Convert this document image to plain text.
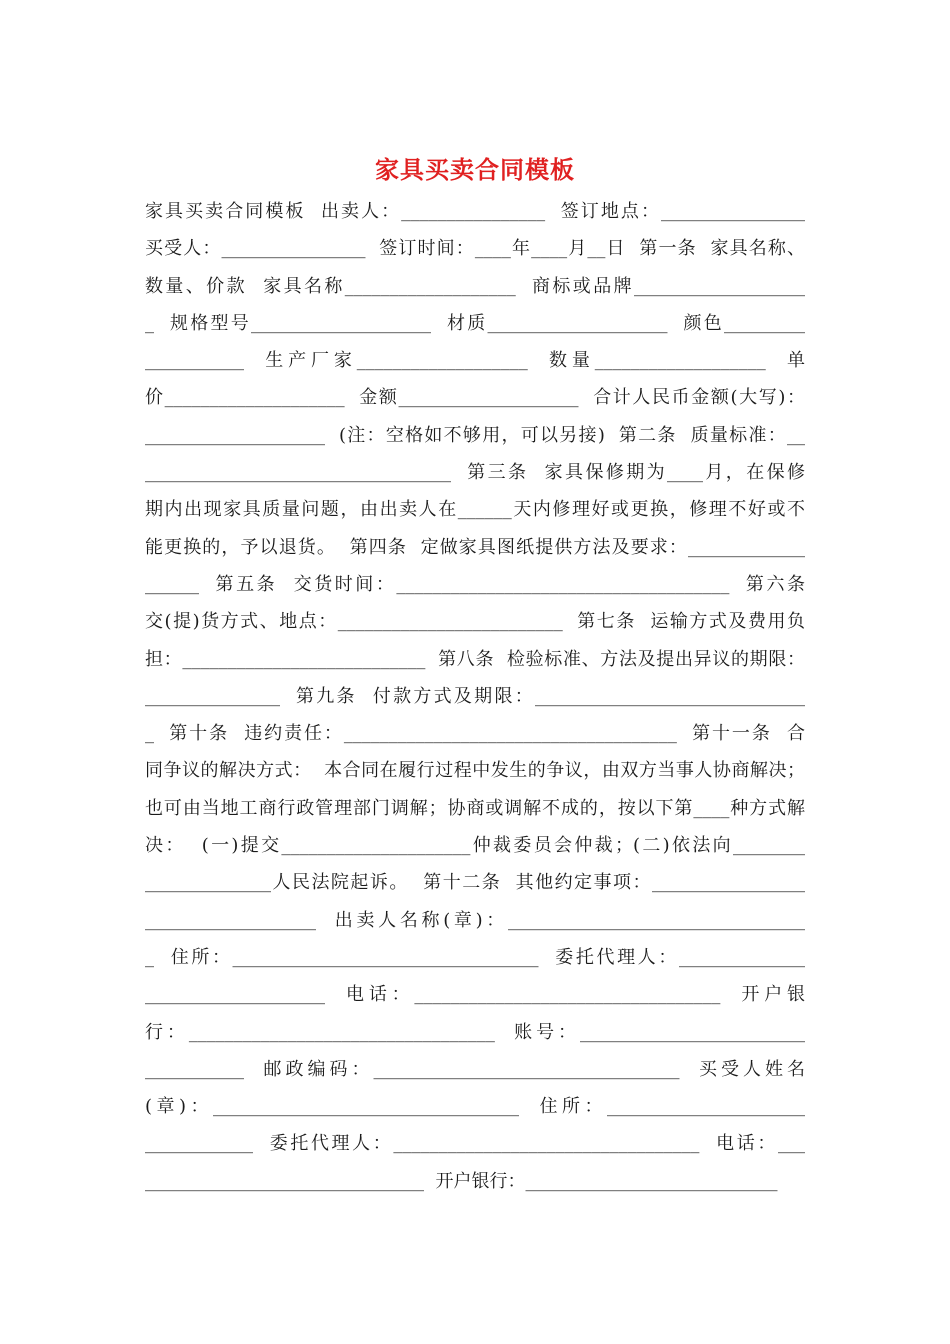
家具买卖合同模板
家具买卖合同模板  出卖人：________________  签订地点：________________
买受人：________________  签订时间：____年____月__日  第一条  家具名称、
数量、价款  家具名称___________________  商标或品牌___________________
_  规格型号____________________  材质____________________  颜色_________
___________  生产厂家___________________  数量___________________  单
价____________________  金额____________________  合计人民币金额(大写)：
____________________  (注：空格如不够用，可以另接)  第二条  质量标准：__
__________________________________  第三条  家具保修期为____月，在保修
期内出现家具质量问题，由出卖人在______天内修理好或更换，修理不好或不
能更换的，予以退货。  第四条  定做家具图纸提供方法及要求：_____________
______  第五条  交货时间：_____________________________________  第六条
交(提)货方式、地点：_________________________  第七条  运输方式及费用负
担：___________________________  第八条  检验标准、方法及提出异议的期限：
_______________  第九条  付款方式及期限：______________________________
_  第十条  违约责任：_____________________________________  第十一条  合
同争议的解决方式：  本合同在履行过程中发生的争议，由双方当事人协商解决；
也可由当地工商行政管理部门调解；协商或调解不成的，按以下第____种方式解
决：  (一)提交_____________________仲裁委员会仲裁；(二)依法向________
______________人民法院起诉。  第十二条  其他约定事项：_________________
___________________  出卖人名称(章)：_________________________________
_  住所：__________________________________  委托代理人：______________
____________________  电话：__________________________________  开户银
行：__________________________________  账号：_________________________
___________  邮政编码：__________________________________  买受人姓名
(章)：__________________________________  住所：______________________
____________  委托代理人：__________________________________  电话：___
_______________________________  开户银行：____________________________
